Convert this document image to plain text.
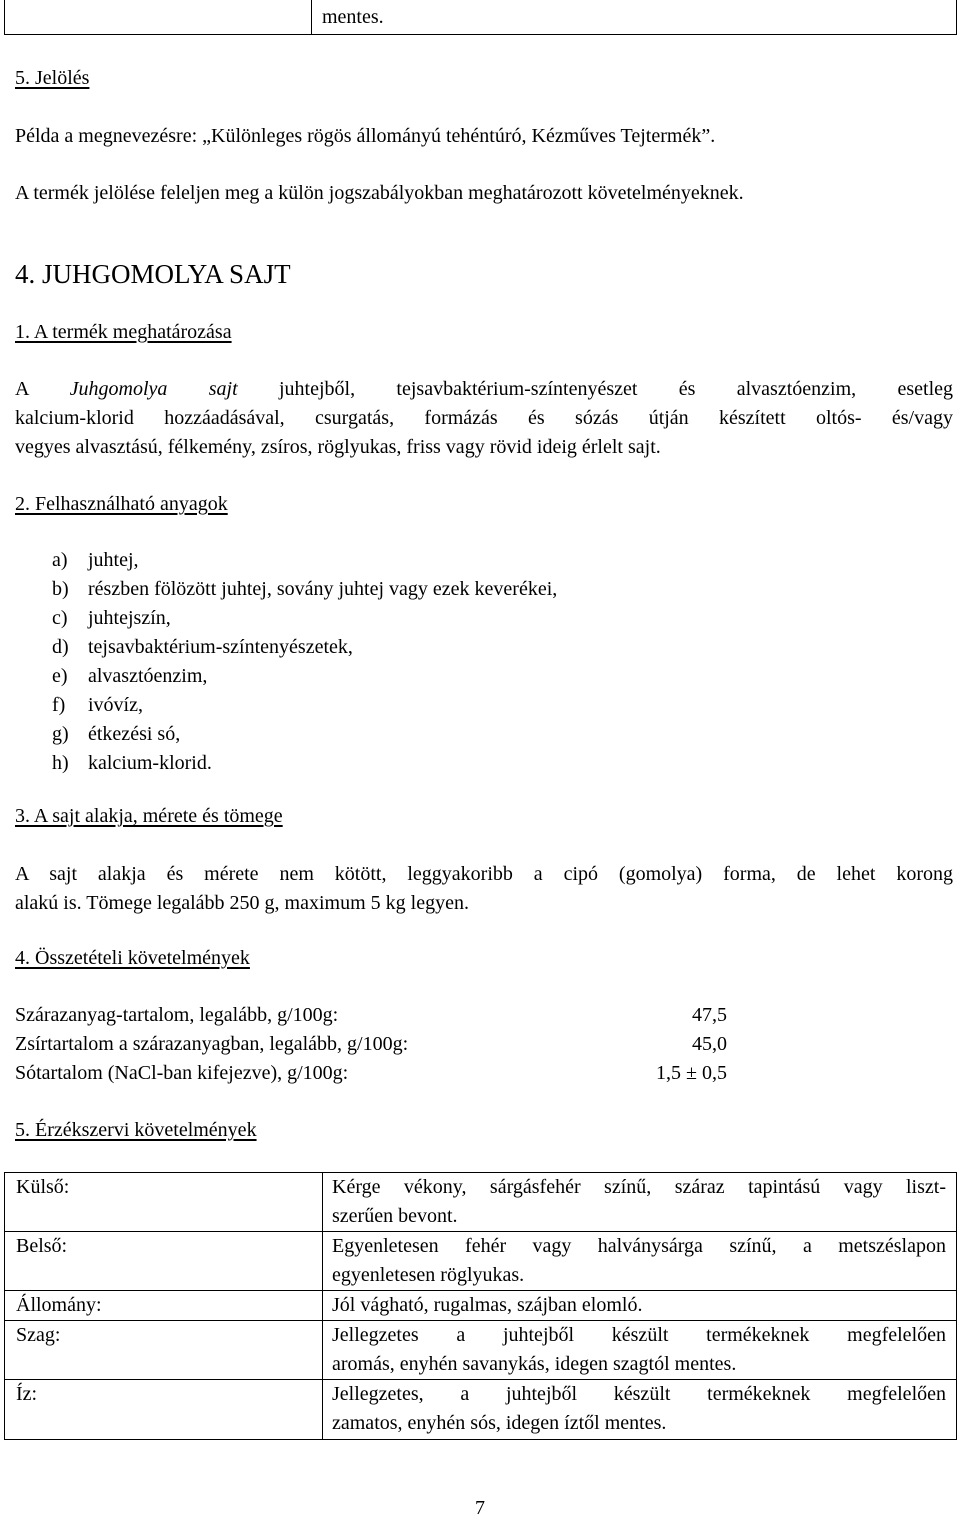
	mentes.
5. Jelölés
Példa a megnevezésre: „Különleges rögös állományú tehéntúró, Kézműves Tejtermék”.
A termék jelölése feleljen meg a külön jogszabályokban meghatározott követelményeknek.
4. JUHGOMOLYA SAJT
1. A termék meghatározása
A Juhgomolya sajt juhtejből, tejsavbaktérium-színtenyészet és alvasztóenzim, esetleg
kalcium-klorid hozzáadásával, csurgatás, formázás és sózás útján készített oltós- és/vagy
vegyes alvasztású, félkemény, zsíros, röglyukas, friss vagy rövid ideig érlelt sajt.
2. Felhasználható anyagok
a) juhtej,
b) részben fölözött juhtej, sovány juhtej vagy ezek keverékei,
c) juhtejszín,
d) tejsavbaktérium-színtenyészetek,
e) alvasztóenzim,
f) ivóvíz,
g) étkezési só,
h) kalcium-klorid.
3. A sajt alakja, mérete és tömege
A sajt alakja és mérete nem kötött, leggyakoribb a cipó (gomolya) forma, de lehet korong
alakú is. Tömege legalább 250 g, maximum 5 kg legyen.
4. Összetételi követelmények
Szárazanyag-tartalom, legalább, g/100g:	47,5
Zsírtartalom a szárazanyagban, legalább, g/100g:	45,0
Sótartalom (NaCl-ban kifejezve), g/100g:	1,5 ± 0,5
5. Érzékszervi követelmények
Külső:	Kérge vékony, sárgásfehér színű, száraz tapintású vagy liszt-
szerűen bevont.

Belső:	Egyenletesen fehér vagy halványsárga színű, a metszéslapon
egyenletesen röglyukas.

Állomány:	Jól vágható, rugalmas, szájban elomló.

Szag:	Jellegzetes a juhtejből készült termékeknek megfelelően
aromás, enyhén savanykás, idegen szagtól mentes.

Íz:	Jellegzetes, a juhtejből készült termékeknek megfelelően
zamatos, enyhén sós, idegen íztől mentes.
7
